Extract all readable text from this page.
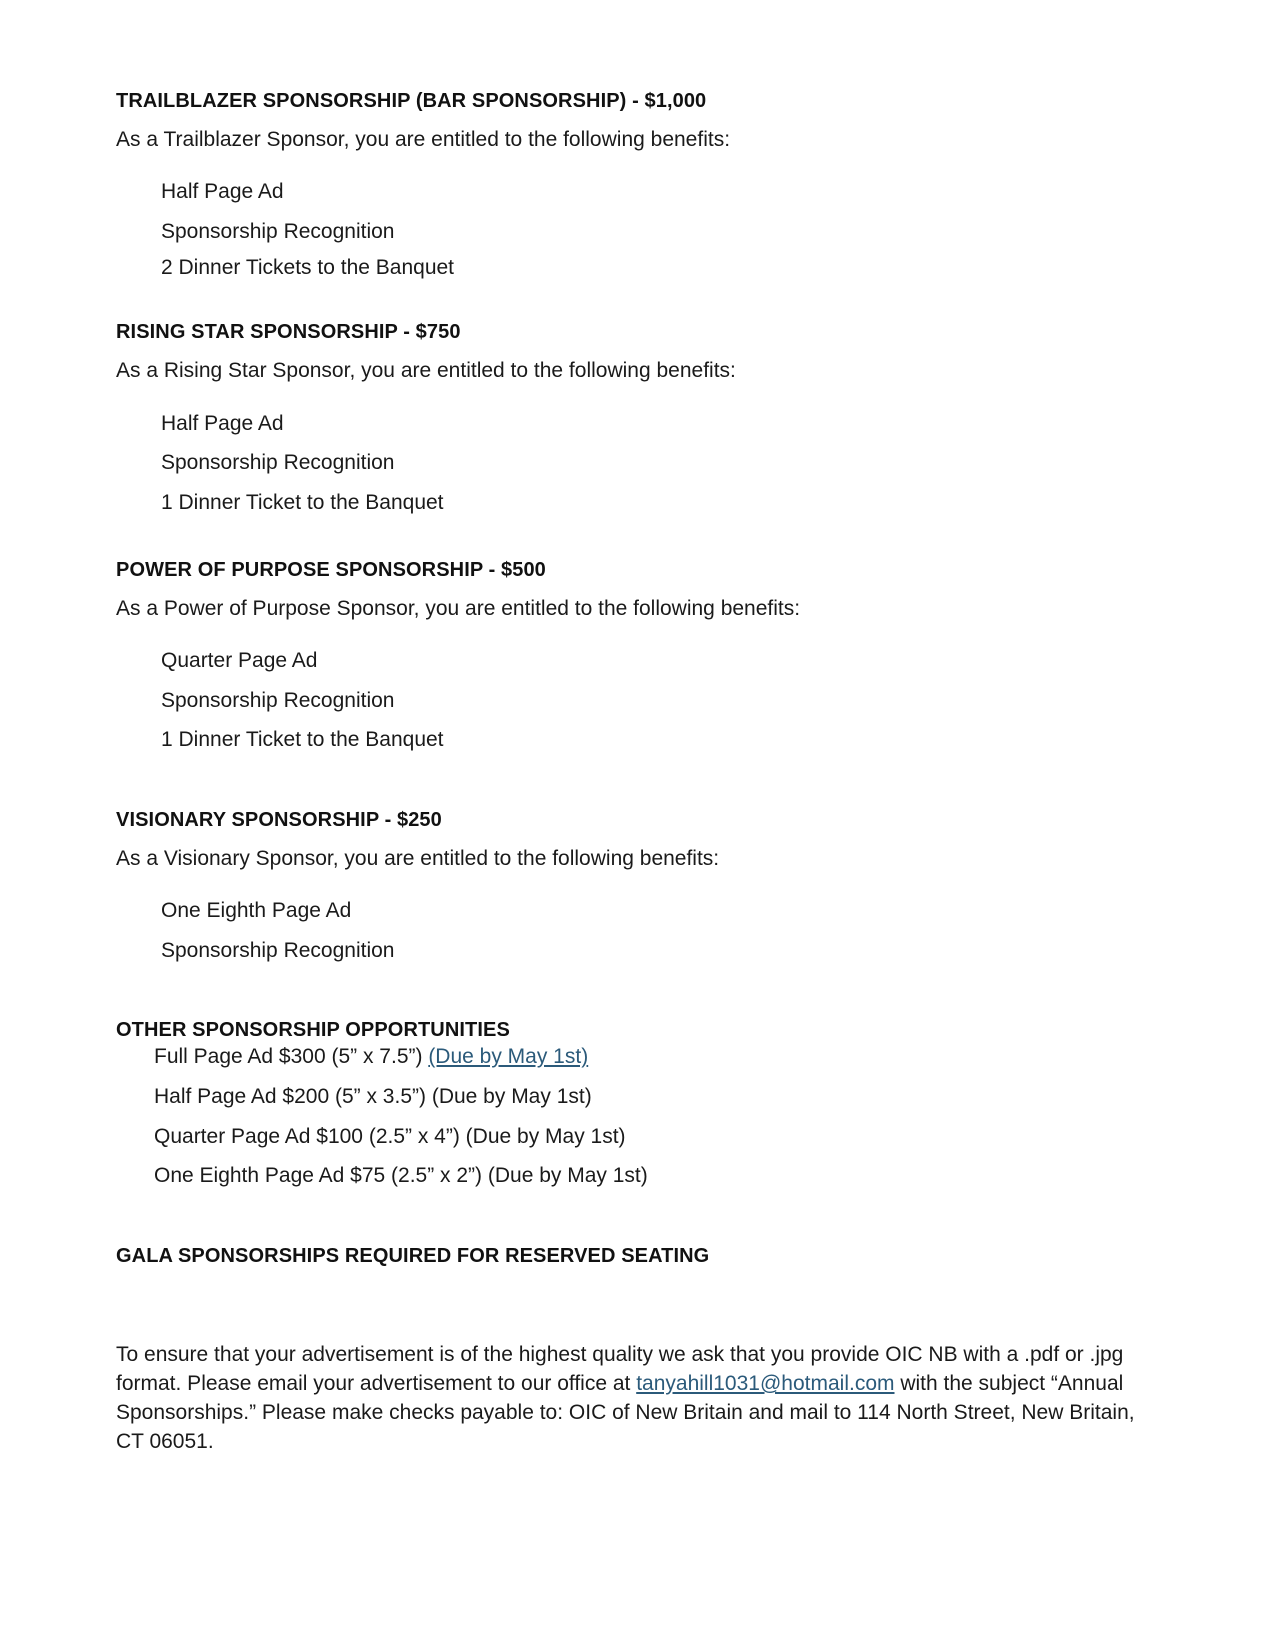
TRAILBLAZER SPONSORSHIP (BAR SPONSORSHIP) - $1,000

As a Trailblazer Sponsor, you are entitled to the following benefits:

Half Page Ad

Sponsorship Recognition

2 Dinner Tickets to the Banquet

RISING STAR SPONSORSHIP - $750

As a Rising Star Sponsor, you are entitled to the following benefits:

Half Page Ad

Sponsorship Recognition

1 Dinner Ticket to the Banquet

POWER OF PURPOSE SPONSORSHIP - $500

As a Power of Purpose Sponsor, you are entitled to the following benefits:

Quarter Page Ad

Sponsorship Recognition

1 Dinner Ticket to the Banquet

VISIONARY SPONSORSHIP - $250

As a Visionary Sponsor, you are entitled to the following benefits:

One Eighth Page Ad

Sponsorship Recognition

OTHER SPONSORSHIP OPPORTUNITIES

Full Page Ad $300 (5” x 7.5”) (Due by May 1st)

Half Page Ad $200 (5” x 3.5”) (Due by May 1st)

Quarter Page Ad $100 (2.5” x 4”) (Due by May 1st)

One Eighth Page Ad $75 (2.5” x 2”) (Due by May 1st)

GALA SPONSORSHIPS REQUIRED FOR RESERVED SEATING

To ensure that your advertisement is of the highest quality we ask that you provide OIC NB with a .pdf or .jpg format. Please email your advertisement to our office at tanyahill1031@hotmail.com with the subject “Annual Sponsorships.” Please make checks payable to: OIC of New Britain and mail to 114 North Street, New Britain, CT 06051.
